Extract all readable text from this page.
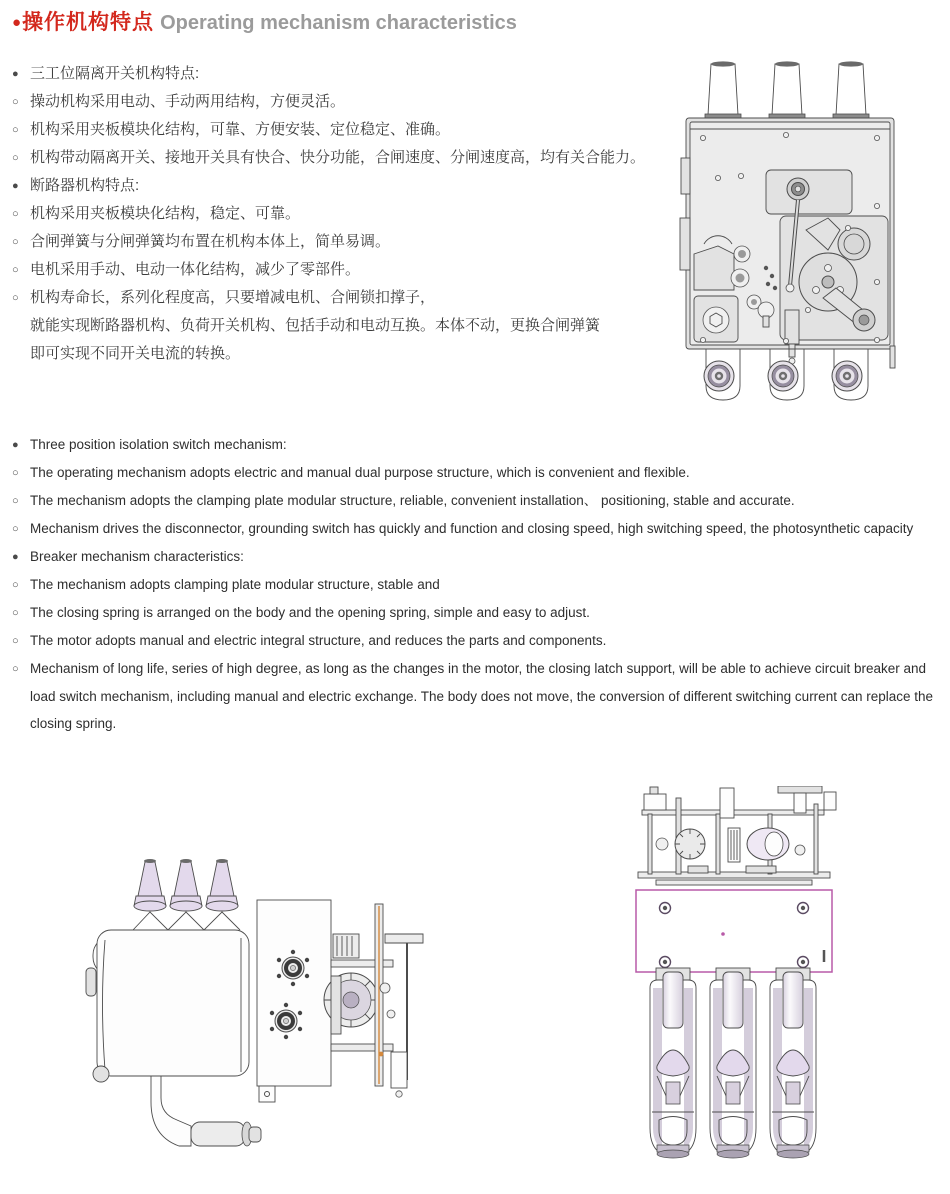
●操作机构特点 Operating mechanism characteristics
● 三工位隔离开关机构特点:
○ 操动机构采用电动、手动两用结构，方便灵活。
○ 机构采用夹板模块化结构，可靠、方便安装、定位稳定、准确。
○ 机构带动隔离开关、接地开关具有快合、快分功能，合闸速度、分闸速度高，均有关合能力。
● 断路器机构特点:
○ 机构采用夹板模块化结构，稳定、可靠。
○ 合闸弹簧与分闸弹簧均布置在机构本体上，简单易调。
○ 电机采用手动、电动一体化结构，减少了零部件。
○ 机构寿命长，系列化程度高，只要增减电机、合闸锁扣撑子，
就能实现断路器机构、负荷开关机构、包括手动和电动互换。本体不动，更换合闸弹簧
即可实现不同开关电流的转换。
● Three position isolation switch mechanism:
○ The operating mechanism adopts electric and manual dual purpose structure, which is convenient and flexible.
○ The mechanism adopts the clamping plate modular structure, reliable, convenient installation、 positioning, stable and accurate.
○ Mechanism drives the disconnector, grounding switch has quickly and function and closing speed, high switching speed, the photosynthetic capacity
● Breaker mechanism characteristics:
○ The mechanism adopts clamping plate modular structure, stable and
○ The closing spring is arranged on the body and the opening spring, simple and easy to adjust.
○ The motor adopts manual and electric integral structure, and reduces the parts and components.
○ Mechanism of long life, series of high degree, as long as the changes in the motor, the closing latch support, will be able to achieve circuit breaker and load switch mechanism, including manual and electric exchange. The body does not move, the conversion of different switching current can replace the closing spring.
